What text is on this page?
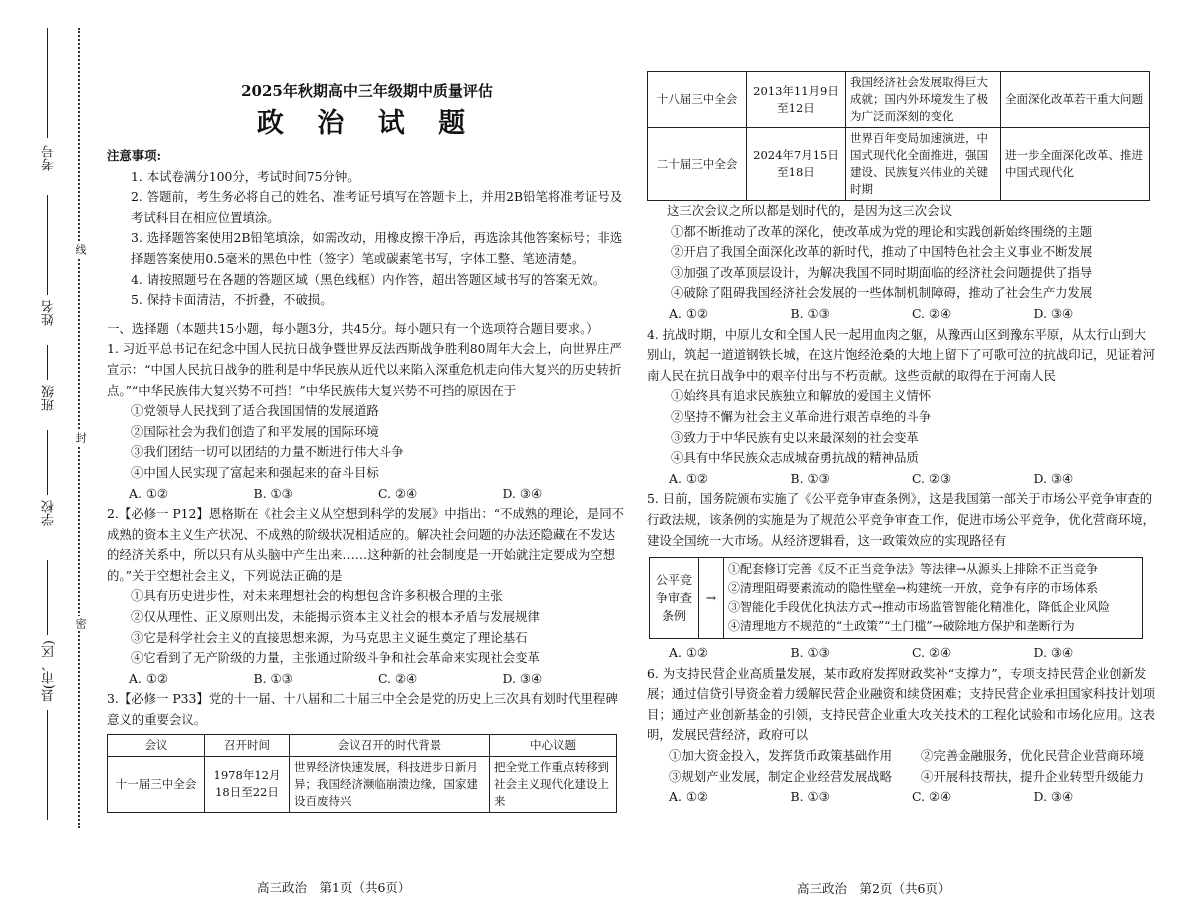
考号
姓名
班级
学校
县(市、区)
线
封
密
2025年秋期高中三年级期中质量评估
政 治 试 题
注意事项:
1. 本试卷满分100分，考试时间75分钟。
2. 答题前，考生务必将自己的姓名、准考证号填写在答题卡上，并用2B铅笔将准考证号及考试科目在相应位置填涂。
3. 选择题答案使用2B铅笔填涂，如需改动，用橡皮擦干净后，再选涂其他答案标号；非选择题答案使用0.5毫米的黑色中性（签字）笔或碳素笔书写，字体工整、笔迹清楚。
4. 请按照题号在各题的答题区域（黑色线框）内作答，超出答题区域书写的答案无效。
5. 保持卡面清洁，不折叠，不破损。
一、选择题（本题共15小题，每小题3分，共45分。每小题只有一个选项符合题目要求。）
1. 习近平总书记在纪念中国人民抗日战争暨世界反法西斯战争胜利80周年大会上，向世界庄严宣示：“中国人民抗日战争的胜利是中华民族从近代以来陷入深重危机走向伟大复兴的历史转折点。”“中华民族伟大复兴势不可挡！”中华民族伟大复兴势不可挡的原因在于
①党领导人民找到了适合我国国情的发展道路
②国际社会为我们创造了和平发展的国际环境
③我们团结一切可以团结的力量不断进行伟大斗争
④中国人民实现了富起来和强起来的奋斗目标
A. ①②	B. ①③	C. ②④	D. ③④
2.【必修一 P12】恩格斯在《社会主义从空想到科学的发展》中指出：“不成熟的理论，是同不成熟的资本主义生产状况、不成熟的阶级状况相适应的。解决社会问题的办法还隐藏在不发达的经济关系中，所以只有从头脑中产生出来……这种新的社会制度是一开始就注定要成为空想的。”关于空想社会主义，下列说法正确的是
①具有历史进步性，对未来理想社会的构想包含许多积极合理的主张
②仅从理性、正义原则出发，未能揭示资本主义社会的根本矛盾与发展规律
③它是科学社会主义的直接思想来源，为马克思主义诞生奠定了理论基石
④它看到了无产阶级的力量，主张通过阶级斗争和社会革命来实现社会变革
A. ①②	B. ①③	C. ②④	D. ③④
3.【必修一 P33】党的十一届、十八届和二十届三中全会是党的历史上三次具有划时代里程碑意义的重要会议。
会议	召开时间	会议召开的时代背景	中心议题
十一届三中全会	1978年12月18日至22日	世界经济快速发展，科技进步日新月异；我国经济濒临崩溃边缘，国家建设百废待兴	把全党工作重点转移到社会主义现代化建设上来
高三政治　第1页（共6页）
十八届三中全会	2013年11月9日至12日	我国经济社会发展取得巨大成就；国内外环境发生了极为广泛而深刻的变化	全面深化改革若干重大问题
二十届三中全会	2024年7月15日至18日	世界百年变局加速演进，中国式现代化全面推进，强国建设、民族复兴伟业的关键时期	进一步全面深化改革、推进中国式现代化
这三次会议之所以都是划时代的，是因为这三次会议
①都不断推动了改革的深化，使改革成为党的理论和实践创新始终围绕的主题
②开启了我国全面深化改革的新时代，推动了中国特色社会主义事业不断发展
③加强了改革顶层设计，为解决我国不同时期面临的经济社会问题提供了指导
④破除了阻碍我国经济社会发展的一些体制机制障碍，推动了社会生产力发展
A. ①②	B. ①③	C. ②④	D. ③④
4. 抗战时期，中原儿女和全国人民一起用血肉之躯，从豫西山区到豫东平原，从太行山到大别山，筑起一道道钢铁长城，在这片饱经沧桑的大地上留下了可歌可泣的抗战印记，见证着河南人民在抗日战争中的艰辛付出与不朽贡献。这些贡献的取得在于河南人民
①始终具有追求民族独立和解放的爱国主义情怀
②坚持不懈为社会主义革命进行艰苦卓绝的斗争
③致力于中华民族有史以来最深刻的社会变革
④具有中华民族众志成城奋勇抗战的精神品质
A. ①②	B. ①③	C. ②③	D. ③④
5. 日前，国务院颁布实施了《公平竞争审查条例》，这是我国第一部关于市场公平竞争审查的行政法规，该条例的实施是为了规范公平竞争审查工作，促进市场公平竞争，优化营商环境，建设全国统一大市场。从经济逻辑看，这一政策效应的实现路径有
公平竞争审查条例
→
①配套修订完善《反不正当竞争法》等法律→从源头上排除不正当竞争
②清理阻碍要素流动的隐性壁垒→构建统一开放，竞争有序的市场体系
③智能化手段优化执法方式→推动市场监管智能化精准化，降低企业风险
④清理地方不规范的“土政策”“土门槛”→破除地方保护和垄断行为
A. ①②	B. ①③	C. ②④	D. ③④
6. 为支持民营企业高质量发展，某市政府发挥财政奖补“支撑力”，专项支持民营企业创新发展；通过信贷引导资金着力缓解民营企业融资和续贷困难；支持民营企业承担国家科技计划项目；通过产业创新基金的引领，支持民营企业重大攻关技术的工程化试验和市场化应用。这表明，发展民营经济，政府可以
①加大资金投入，发挥货币政策基础作用	②完善金融服务，优化民营企业营商环境
③规划产业发展，制定企业经营发展战略	④开展科技帮扶，提升企业转型升级能力
A. ①②	B. ①③	C. ②④	D. ③④
高三政治　第2页（共6页）
